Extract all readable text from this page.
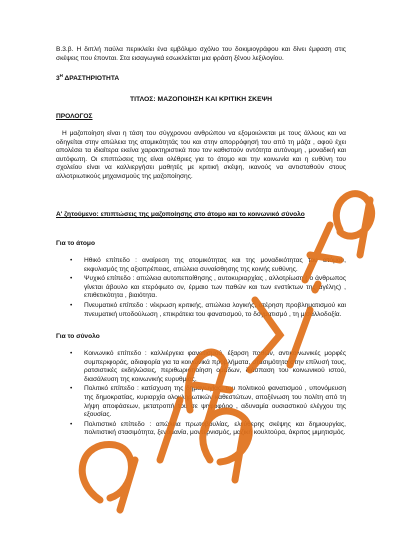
Β.3.β. Η διπλή παύλα περικλείει ένα εμβόλιμο σχόλιο του δοκιμιογράφου και δίνει έμφαση στις σκέψεις που έπονται. Στα εισαγωγικά εσωκλείεται μια φράση ξένου λεξιλογίου.

$3^H$ ΔΡΑΣΤΗΡΙΟΤΗΤΑ

ΤΙΤΛΟΣ: ΜΑΖΟΠΟΙΗΣΗ ΚΑΙ ΚΡΙΤΙΚΗ ΣΚΕΨΗ

ΠΡΟΛΟΓΟΣ

Η μαζοποίηση είναι η τάση του σύγχρονου ανθρώπου να εξομοιώνεται με τους άλλους και να οδηγείται στην απώλεια της ατομικότητάς του και στην απορρόφησή του από τη μάζα , αφού έχει απολέσει τα ιδιαίτερα εκείνα χαρακτηριστικά που τον καθιστούν οντότητα αυτόνομη , μοναδική και αυτόφωτη. Οι επιπτώσεις της είναι ολέθριες για το άτομο και την κοινωνία και η ευθύνη του σχολείου είναι να καλλιεργήσει μαθητές με κριτική σκέψη, ικανούς να αντισταθούν στους αλλοτριωτικούς μηχανισμούς της μαζοποίησης.

Α' ζητούμενο: επιπτώσεις της μαζοποίησης στο άτομο και το κοινωνικό σύνολο

Για το άτομο

• Ηθικό επίπεδο : αναίρεση της ατομικότητας και της μοναδικότητας του ατόμου, εκφυλισμός της αξιοπρέπειας, απώλεια συναίσθησης της κοινής ευθύνης.
• Ψυχικό επίπεδο : απώλεια αυτοπεποίθησης , αυτοκυριαρχίας , αλλοτρίωση ( ο άνθρωπος γίνεται άβουλο και ετερόφωτο ον, έρμαιο των παθών και των ενστίκτων της αγέλης) , επιθετικότητα , βιαιότητα.
• Πνευματικό επίπεδο : νέκρωση κριτικής, απώλεια λογικής, στέρηση προβληματισμού και πνευματική υποδούλωση , επικράτεια του φανατισμού, το δογματισμό , τη μισαλλοδοξία.

Για το σύνολο

• Κοινωνικό επίπεδο : καλλιέργεια φανατισμού, έξαρση παθών, αντικοινωνικές μορφές συμπεριφοράς, αδιαφορία για τα κοινωνικά προβλήματα, στασιμότητα στην επίλυσή τους, ρατσιστικές εκδηλώσεις, περιθωριοποίηση ομάδων, διάσπαση του κοινωνικού ιστού, διασάλευση της κοινωνικής ευρυθμίας.
• Πολιτικό επίπεδο : κατίσχυση της δημαγωγίας, του πολιτικού φανατισμού , υπονόμευση της δημοκρατίας, κυριαρχία ολοκληρωτικών καθεστώτων, αποξένωση του πολίτη από τη λήψη αποφάσεων, μετατροπή του σε ψηφοφόρο , αδυναμία ουσιαστικού ελέγχου της εξουσίας.
• Πολιτιστικό επίπεδο : απώλεια πρωτοβουλίας, ελεύθερης σκέψης και δημιουργίας, πολιτιστική στασιμότητα, ξενομανία, μοντερνισμός, μαζική κουλτούρα, άκριτος μιμητισμός.
